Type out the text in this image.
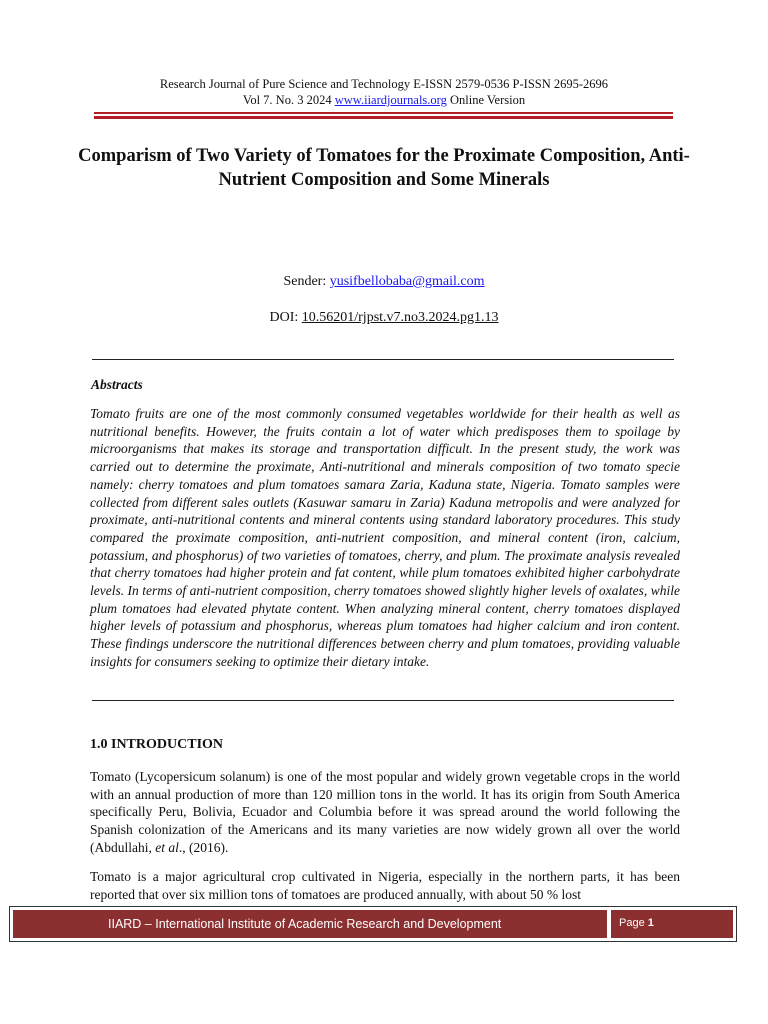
Research Journal of Pure Science and Technology E-ISSN 2579-0536 P-ISSN 2695-2696
Vol 7. No. 3 2024 www.iiardjournals.org Online Version
Comparism of Two Variety of Tomatoes for the Proximate Composition, Anti-Nutrient Composition and Some Minerals
Sender: yusifbellobaba@gmail.com
DOI: 10.56201/rjpst.v7.no3.2024.pg1.13
Abstracts

Tomato fruits are one of the most commonly consumed vegetables worldwide for their health as well as nutritional benefits. However, the fruits contain a lot of water which predisposes them to spoilage by microorganisms that makes its storage and transportation difficult. In the present study, the work was carried out to determine the proximate, Anti-nutritional and minerals composition of two tomato specie namely: cherry tomatoes and plum tomatoes samara Zaria, Kaduna state, Nigeria. Tomato samples were collected from different sales outlets (Kasuwar samaru in Zaria) Kaduna metropolis and were analyzed for proximate, anti-nutritional contents and mineral contents using standard laboratory procedures. This study compared the proximate composition, anti-nutrient composition, and mineral content (iron, calcium, potassium, and phosphorus) of two varieties of tomatoes, cherry, and plum. The proximate analysis revealed that cherry tomatoes had higher protein and fat content, while plum tomatoes exhibited higher carbohydrate levels. In terms of anti-nutrient composition, cherry tomatoes showed slightly higher levels of oxalates, while plum tomatoes had elevated phytate content. When analyzing mineral content, cherry tomatoes displayed higher levels of potassium and phosphorus, whereas plum tomatoes had higher calcium and iron content. These findings underscore the nutritional differences between cherry and plum tomatoes, providing valuable insights for consumers seeking to optimize their dietary intake.

1.0 INTRODUCTION

Tomato (Lycopersicum solanum) is one of the most popular and widely grown vegetable crops in the world with an annual production of more than 120 million tons in the world. It has its origin from South America specifically Peru, Bolivia, Ecuador and Columbia before it was spread around the world following the Spanish colonization of the Americans and its many varieties are now widely grown all over the world (Abdullahi, et al., (2016).

Tomato is a major agricultural crop cultivated in Nigeria, especially in the northern parts, it has been reported that over six million tons of tomatoes are produced annually, with about 50 % lost

IIARD – International Institute of Academic Research and Development	Page 1
